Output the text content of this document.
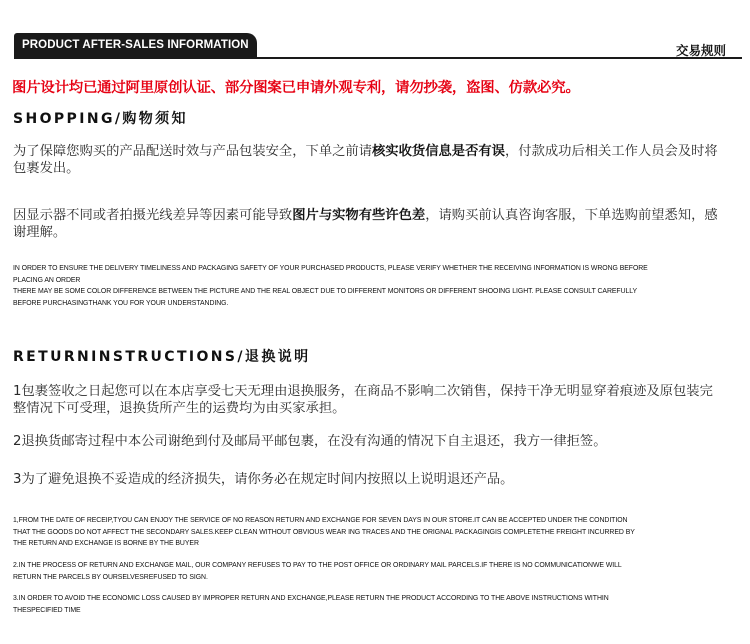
PRODUCT AFTER-SALES INFORMATION	交易规则
图片设计均已通过阿里原创认证、部分图案已申请外观专利，请勿抄袭，盗图、仿款必究。
SHOPPING/购物须知
为了保障您购买的产品配送时效与产品包装安全，下单之前请核实收货信息是否有误，付款成功后相关工作人员会及时将包裹发出。
因显示器不同或者拍摄光线差异等因素可能导致图片与实物有些许色差，请购买前认真咨询客服，下单选购前望悉知，感谢理解。
IN ORDER TO ENSURE THE DELIVERY TIMELINESS AND PACKAGING SAFETY OF YOUR PURCHASED PRODUCTS, PLEASE VERIFY WHETHER THE RECEIVING INFORMATION IS WRONG BEFORE
PLACING AN ORDER
THERE MAY BE SOME COLOR DIFFERENCE BETWEEN THE PICTURE AND THE REAL OBJECT DUE TO DIFFERENT MONITORS OR DIFFERENT SHOOING LIGHT. PLEASE CONSULT CAREFULLY
BEFORE PURCHASINGTHANK YOU FOR YOUR UNDERSTANDING.
RETURNINSTRUCTIONS/退换说明
1包裹签收之日起您可以在本店享受七天无理由退换服务，在商品不影响二次销售，保持干净无明显穿着痕迹及原包装完整情况下可受理，退换货所产生的运费均为由买家承担。
2退换货邮寄过程中本公司谢绝到付及邮局平邮包裹，在没有沟通的情况下自主退还，我方一律拒签。
3为了避免退换不妥造成的经济损失，请你务必在规定时间内按照以上说明退还产品。
1,FROM THE DATE OF RECEIP,TYOU CAN ENJOY THE SERVICE OF NO REASON RETURN AND EXCHANGE FOR SEVEN DAYS IN OUR STORE.IT CAN BE ACCEPTED UNDER THE CONDITION
THAT THE GOODS DO NOT AFFECT THE SECONDARY SALES.KEEP CLEAN WITHOUT OBVIOUS WEAR ING TRACES AND THE ORIGNAL PACKAGINGIS COMPLETETHE FREIGHT INCURRED BY
THE RETURN AND EXCHANGE IS BORNE BY THE BUYER
2.IN THE PROCESS OF RETURN AND EXCHANGE MAIL, OUR COMPANY REFUSES TO PAY TO THE POST OFFICE OR ORDINARY MAIL PARCELS.IF THERE IS NO COMMUNICATIONWE WILL
RETURN THE PARCELS BY OURSELVESREFUSED TO SIGN.
3.IN ORDER TO AVOID THE ECONOMIC LOSS CAUSED BY IMPROPER RETURN AND EXCHANGE,PLEASE RETURN THE PRODUCT ACCORDING TO THE ABOVE INSTRUCTIONS WITHIN
THESPECIFIED TIME
